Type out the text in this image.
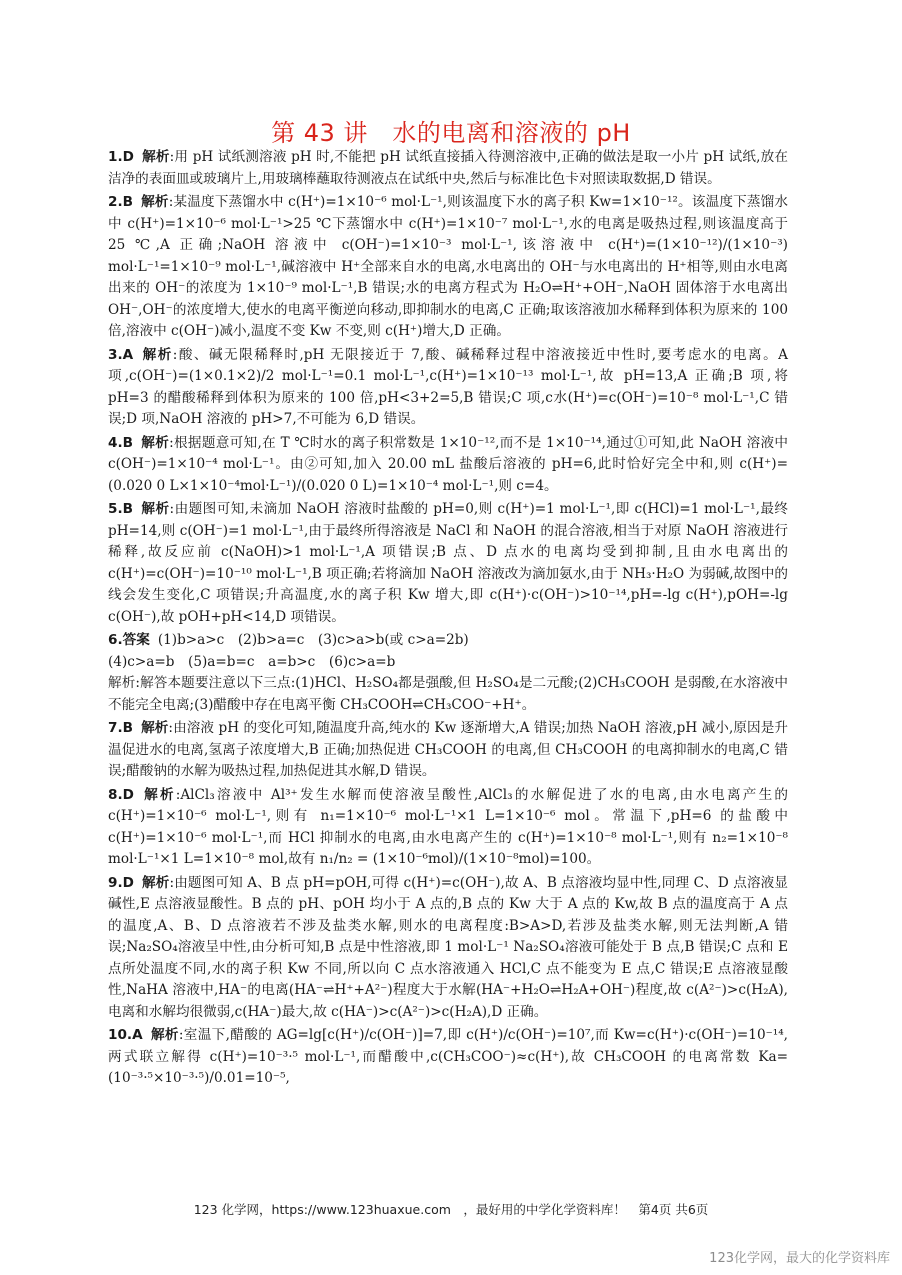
第 43 讲　水的电离和溶液的 pH
1.D 解析:用 pH 试纸测溶液 pH 时,不能把 pH 试纸直接插入待测溶液中,正确的做法是取一小片 pH 试纸,放在洁净的表面皿或玻璃片上,用玻璃棒蘸取待测液点在试纸中央,然后与标准比色卡对照读取数据,D 错误。
2.B 解析:某温度下蒸馏水中 c(H⁺)=1×10⁻⁶ mol·L⁻¹,则该温度下水的离子积 Kw=1×10⁻¹²。该温度下蒸馏水中 c(H⁺)=1×10⁻⁶ mol·L⁻¹>25 ℃下蒸馏水中 c(H⁺)=1×10⁻⁷ mol·L⁻¹,水的电离是吸热过程,则该温度高于 25 ℃,A 正确;NaOH 溶液中 c(OH⁻)=1×10⁻³ mol·L⁻¹,该溶液中 c(H⁺)=(1×10⁻¹²)/(1×10⁻³) mol·L⁻¹=1×10⁻⁹ mol·L⁻¹,碱溶液中 H⁺全部来自水的电离,水电离出的 OH⁻与水电离出的 H⁺相等,则由水电离出来的 OH⁻的浓度为 1×10⁻⁹ mol·L⁻¹,B 错误;水的电离方程式为 H₂O⇌H⁺+OH⁻,NaOH 固体溶于水电离出 OH⁻,OH⁻的浓度增大,使水的电离平衡逆向移动,即抑制水的电离,C 正确;取该溶液加水稀释到体积为原来的 100 倍,溶液中 c(OH⁻)减小,温度不变 Kw 不变,则 c(H⁺)增大,D 正确。
3.A 解析:酸、碱无限稀释时,pH 无限接近于 7,酸、碱稀释过程中溶液接近中性时,要考虑水的电离。A 项,c(OH⁻)=(1×0.1×2)/2 mol·L⁻¹=0.1 mol·L⁻¹,c(H⁺)=1×10⁻¹³ mol·L⁻¹,故 pH=13,A 正确;B 项,将 pH=3 的醋酸稀释到体积为原来的 100 倍,pH<3+2=5,B 错误;C 项,c水(H⁺)=c(OH⁻)=10⁻⁸ mol·L⁻¹,C 错误;D 项,NaOH 溶液的 pH>7,不可能为 6,D 错误。
4.B 解析:根据题意可知,在 T ℃时水的离子积常数是 1×10⁻¹²,而不是 1×10⁻¹⁴,通过①可知,此 NaOH 溶液中 c(OH⁻)=1×10⁻⁴ mol·L⁻¹。由②可知,加入 20.00 mL 盐酸后溶液的 pH=6,此时恰好完全中和,则 c(H⁺)=(0.020 0 L×1×10⁻⁴mol·L⁻¹)/(0.020 0 L)=1×10⁻⁴ mol·L⁻¹,则 c=4。
5.B 解析:由题图可知,未滴加 NaOH 溶液时盐酸的 pH=0,则 c(H⁺)=1 mol·L⁻¹,即 c(HCl)=1 mol·L⁻¹,最终 pH=14,则 c(OH⁻)=1 mol·L⁻¹,由于最终所得溶液是 NaCl 和 NaOH 的混合溶液,相当于对原 NaOH 溶液进行稀释,故反应前 c(NaOH)>1 mol·L⁻¹,A 项错误;B 点、D 点水的电离均受到抑制,且由水电离出的 c(H⁺)=c(OH⁻)=10⁻¹⁰ mol·L⁻¹,B 项正确;若将滴加 NaOH 溶液改为滴加氨水,由于 NH₃·H₂O 为弱碱,故图中的线会发生变化,C 项错误;升高温度,水的离子积 Kw 增大,即 c(H⁺)·c(OH⁻)>10⁻¹⁴,pH=-lg c(H⁺),pOH=-lg c(OH⁻),故 pOH+pH<14,D 项错误。
6.答案 (1)b>a>c　(2)b>a=c　(3)c>a>b(或 c>a=2b)
(4)c>a=b　(5)a=b=c　a=b>c　(6)c>a=b
解析:解答本题要注意以下三点:(1)HCl、H₂SO₄都是强酸,但 H₂SO₄是二元酸;(2)CH₃COOH 是弱酸,在水溶液中不能完全电离;(3)醋酸中存在电离平衡 CH₃COOH⇌CH₃COO⁻+H⁺。
7.B 解析:由溶液 pH 的变化可知,随温度升高,纯水的 Kw 逐渐增大,A 错误;加热 NaOH 溶液,pH 减小,原因是升温促进水的电离,氢离子浓度增大,B 正确;加热促进 CH₃COOH 的电离,但 CH₃COOH 的电离抑制水的电离,C 错误;醋酸钠的水解为吸热过程,加热促进其水解,D 错误。
8.D 解析:AlCl₃溶液中 Al³⁺发生水解而使溶液呈酸性,AlCl₃的水解促进了水的电离,由水电离产生的 c(H⁺)=1×10⁻⁶ mol·L⁻¹,则有 n₁=1×10⁻⁶ mol·L⁻¹×1 L=1×10⁻⁶ mol。常温下,pH=6 的盐酸中 c(H⁺)=1×10⁻⁶ mol·L⁻¹,而 HCl 抑制水的电离,由水电离产生的 c(H⁺)=1×10⁻⁸ mol·L⁻¹,则有 n₂=1×10⁻⁸ mol·L⁻¹×1 L=1×10⁻⁸ mol,故有 n₁/n₂ = (1×10⁻⁶mol)/(1×10⁻⁸mol)=100。
9.D 解析:由题图可知 A、B 点 pH=pOH,可得 c(H⁺)=c(OH⁻),故 A、B 点溶液均显中性,同理 C、D 点溶液显碱性,E 点溶液显酸性。B 点的 pH、pOH 均小于 A 点的,B 点的 Kw 大于 A 点的 Kw,故 B 点的温度高于 A 点的温度,A、B、D 点溶液若不涉及盐类水解,则水的电离程度:B>A>D,若涉及盐类水解,则无法判断,A 错误;Na₂SO₄溶液呈中性,由分析可知,B 点是中性溶液,即 1 mol·L⁻¹ Na₂SO₄溶液可能处于 B 点,B 错误;C 点和 E 点所处温度不同,水的离子积 Kw 不同,所以向 C 点水溶液通入 HCl,C 点不能变为 E 点,C 错误;E 点溶液显酸性,NaHA 溶液中,HA⁻的电离(HA⁻⇌H⁺+A²⁻)程度大于水解(HA⁻+H₂O⇌H₂A+OH⁻)程度,故 c(A²⁻)>c(H₂A),电离和水解均很微弱,c(HA⁻)最大,故 c(HA⁻)>c(A²⁻)>c(H₂A),D 正确。
10.A 解析:室温下,醋酸的 AG=lg[c(H⁺)/c(OH⁻)]=7,即 c(H⁺)/c(OH⁻)=10⁷,而 Kw=c(H⁺)·c(OH⁻)=10⁻¹⁴,两式联立解得 c(H⁺)=10⁻³·⁵ mol·L⁻¹,而醋酸中,c(CH₃COO⁻)≈c(H⁺),故 CH₃COOH 的电离常数 Ka=(10⁻³·⁵×10⁻³·⁵)/0.01=10⁻⁵,
123 化学网，https://www.123huaxue.com　，最好用的中学化学资料库！　第4页 共6页
123化学网，最大的化学资料库
